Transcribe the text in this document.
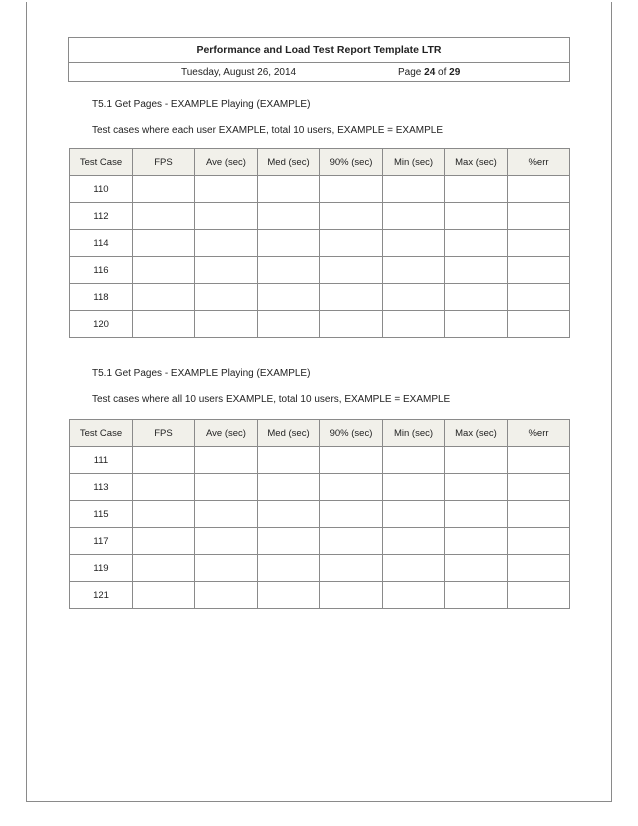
Performance and Load Test Report Template LTR
Tuesday, August 26, 2014	Page 24 of 29
T5.1 Get Pages - EXAMPLE Playing (EXAMPLE)
Test cases where each user EXAMPLE, total 10 users, EXAMPLE = EXAMPLE
Test Case	FPS	Ave (sec)	Med (sec)	90% (sec)	Min (sec)	Max (sec)	%err
110							
112							
114							
116							
118							
120							
T5.1 Get Pages - EXAMPLE Playing (EXAMPLE)
Test cases where all 10 users EXAMPLE, total 10 users, EXAMPLE = EXAMPLE
Test Case	FPS	Ave (sec)	Med (sec)	90% (sec)	Min (sec)	Max (sec)	%err
111							
113							
115							
117							
119							
121							
